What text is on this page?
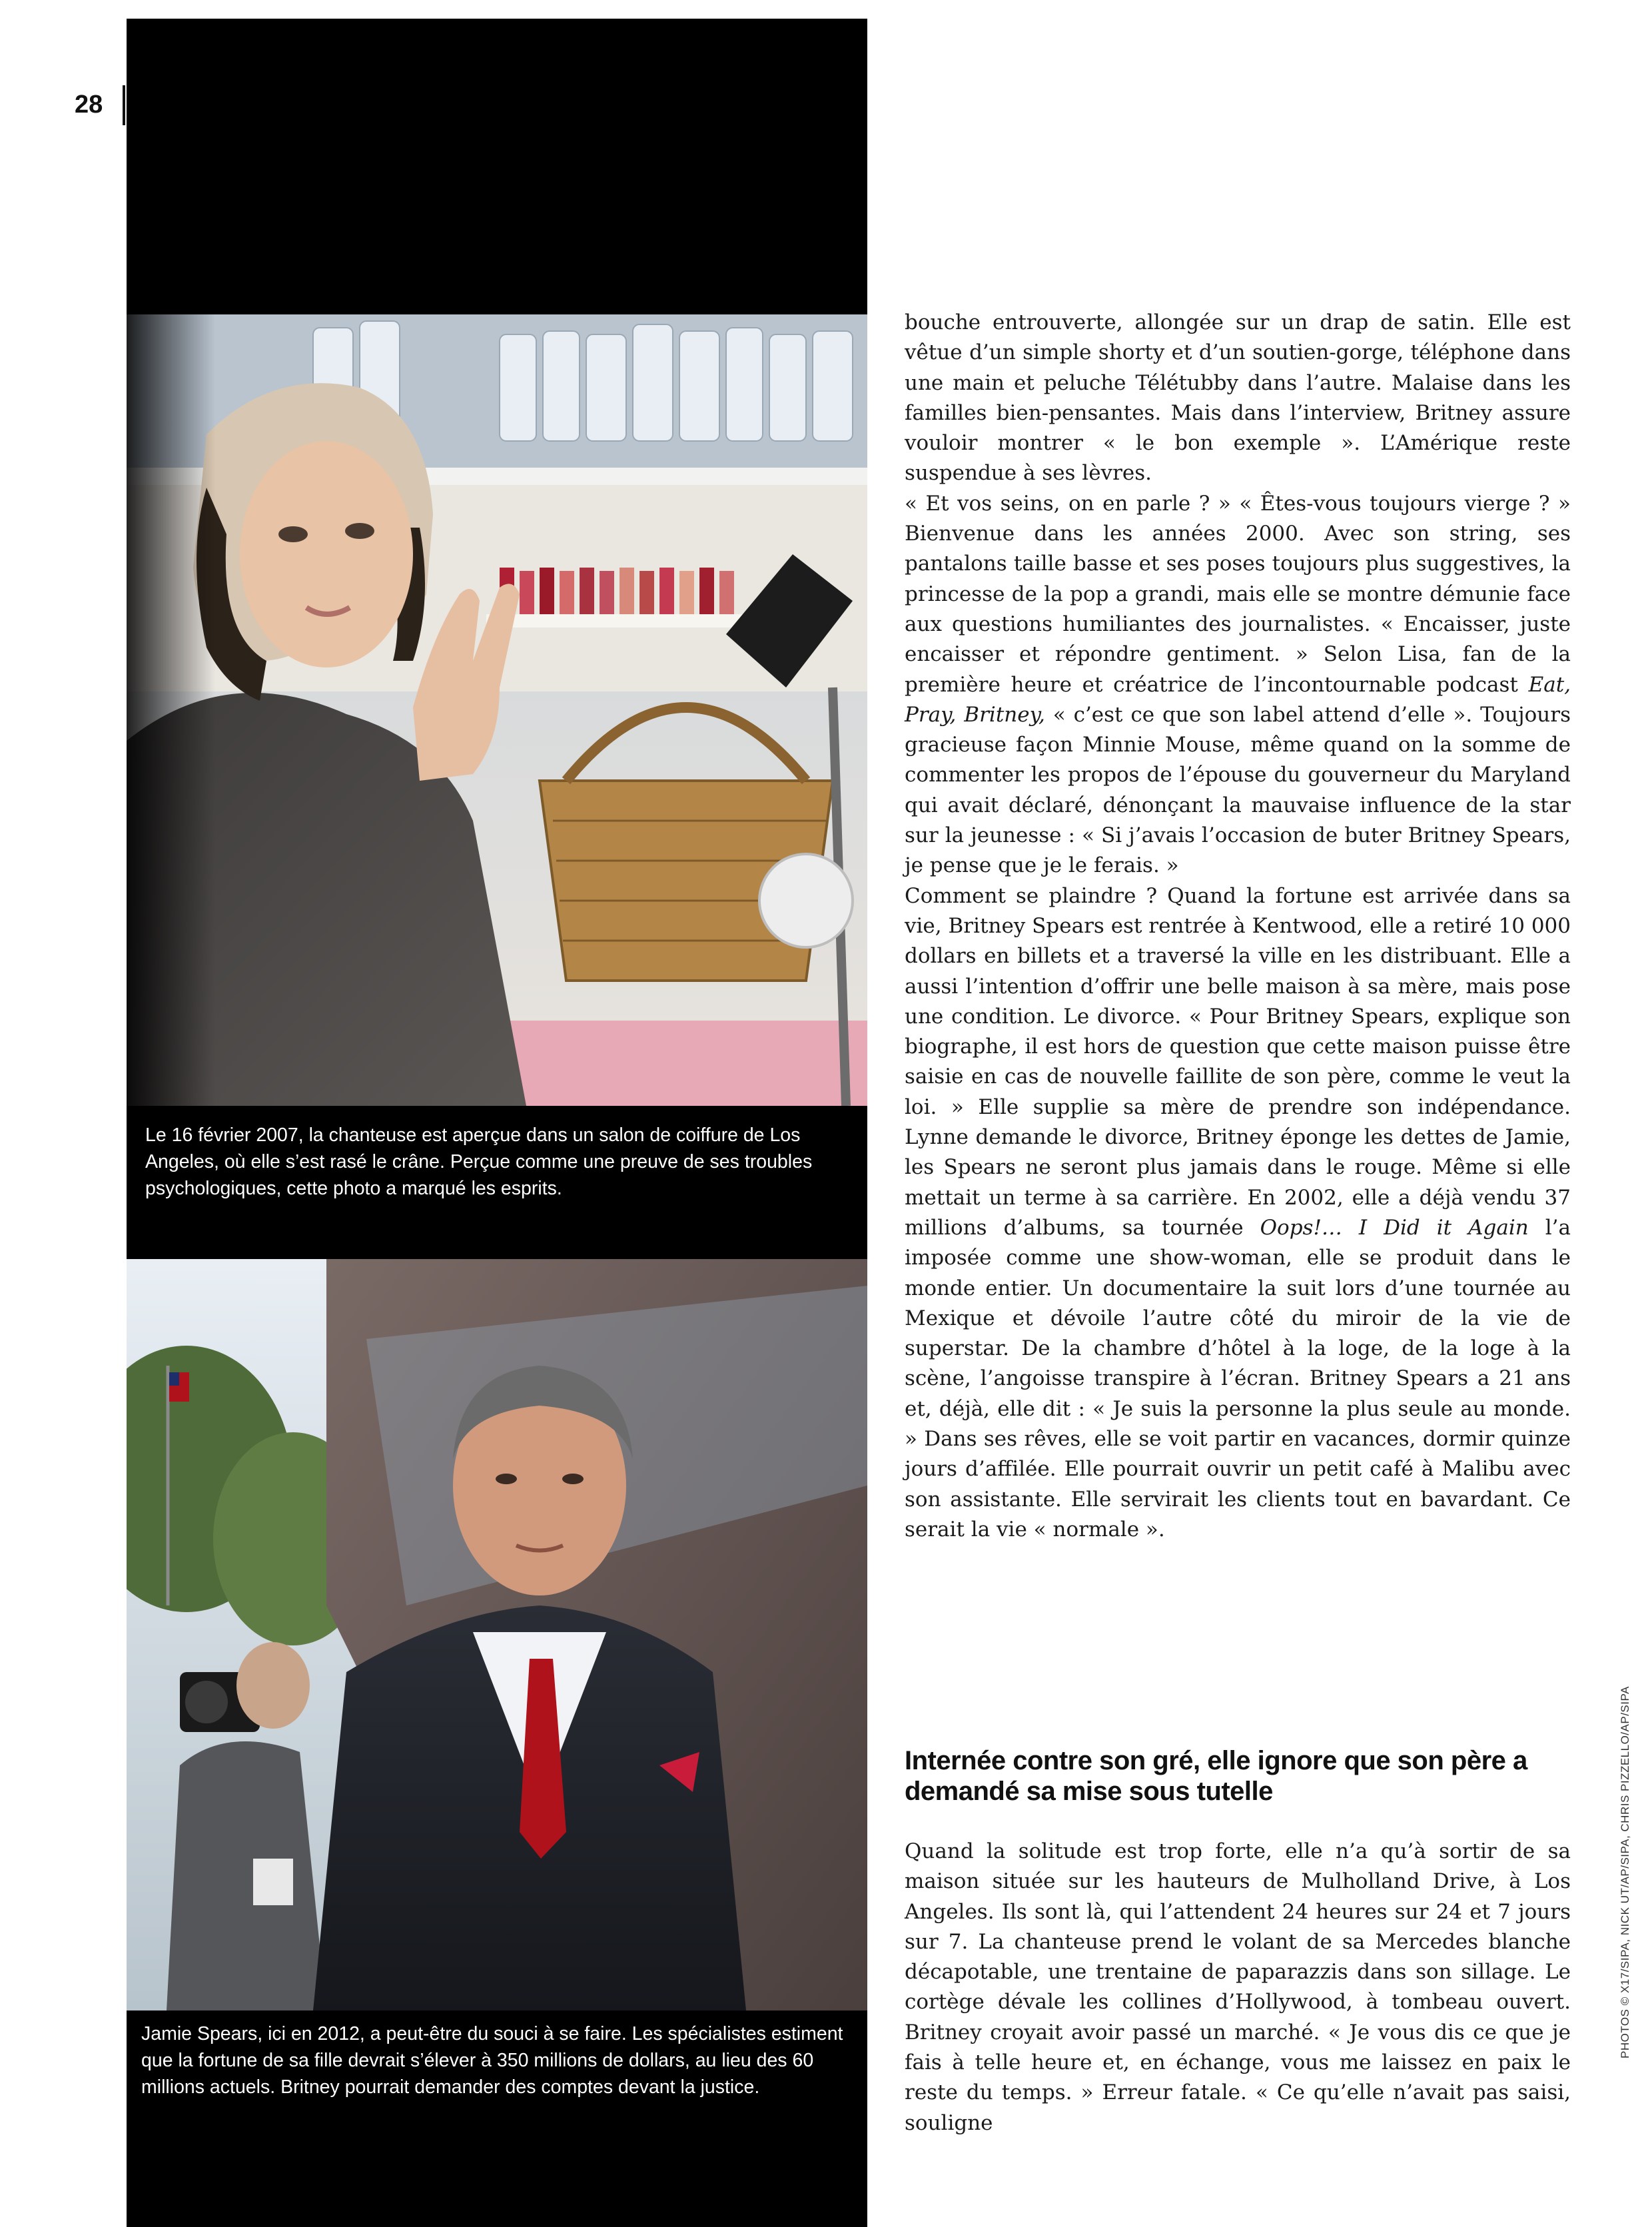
28
Le 16 février 2007, la chanteuse est aperçue dans un salon de coiffure de Los Angeles, où elle s’est rasé le crâne. Perçue comme une preuve de ses troubles psychologiques, cette photo a marqué les esprits.
Jamie Spears, ici en 2012, a peut-être du souci à se faire. Les spécialistes estiment que la fortune de sa fille devrait s’élever à 350 millions de dollars, au lieu des 60 millions actuels. Britney pourrait demander des comptes devant la justice.

bouche entrouverte, allongée sur un drap de satin. Elle est vêtue d’un simple shorty et d’un soutien-gorge, téléphone dans une main et peluche Télétubby dans l’autre. Malaise dans les familles bien-pensantes. Mais dans l’interview, Britney assure vouloir montrer « le bon exemple ». L’Amérique reste suspendue à ses lèvres.

« Et vos seins, on en parle ? » « Êtes-vous toujours vierge ? » Bienvenue dans les années 2000. Avec son string, ses pantalons taille basse et ses poses toujours plus suggestives, la princesse de la pop a grandi, mais elle se montre démunie face aux questions humiliantes des journalistes. « Encaisser, juste encaisser et répondre gentiment. » Selon Lisa, fan de la première heure et créatrice de l’incontournable podcast Eat, Pray, Britney, « c’est ce que son label attend d’elle ». Toujours gracieuse façon Minnie Mouse, même quand on la somme de commenter les propos de l’épouse du gouverneur du Maryland qui avait déclaré, dénonçant la mauvaise influence de la star sur la jeunesse : « Si j’avais l’occasion de buter Britney Spears, je pense que je le ferais. »

Comment se plaindre ? Quand la fortune est arrivée dans sa vie, Britney Spears est rentrée à Kentwood, elle a retiré 10 000 dollars en billets et a traversé la ville en les distribuant. Elle a aussi l’intention d’offrir une belle maison à sa mère, mais pose une condition. Le divorce. « Pour Britney Spears, explique son biographe, il est hors de question que cette maison puisse être saisie en cas de nouvelle faillite de son père, comme le veut la loi. » Elle supplie sa mère de prendre son indépendance. Lynne demande le divorce, Britney éponge les dettes de Jamie, les Spears ne seront plus jamais dans le rouge. Même si elle mettait un terme à sa carrière. En 2002, elle a déjà vendu 37 millions d’albums, sa tournée Oops!… I Did it Again l’a imposée comme une show-woman, elle se produit dans le monde entier. Un documentaire la suit lors d’une tournée au Mexique et dévoile l’autre côté du miroir de la vie de superstar. De la chambre d’hôtel à la loge, de la loge à la scène, l’angoisse transpire à l’écran. Britney Spears a 21 ans et, déjà, elle dit : « Je suis la personne la plus seule au monde. » Dans ses rêves, elle se voit partir en vacances, dormir quinze jours d’affilée. Elle pourrait ouvrir un petit café à Malibu avec son assistante. Elle servirait les clients tout en bavardant. Ce serait la vie « normale ».

Internée contre son gré, elle ignore que son père a demandé sa mise sous tutelle

Quand la solitude est trop forte, elle n’a qu’à sortir de sa maison située sur les hauteurs de Mulholland Drive, à Los Angeles. Ils sont là, qui l’attendent 24 heures sur 24 et 7 jours sur 7. La chanteuse prend le volant de sa Mercedes blanche décapotable, une trentaine de paparazzis dans son sillage. Le cortège dévale les collines d’Hollywood, à tombeau ouvert. Britney croyait avoir passé un marché. « Je vous dis ce que je fais à telle heure et, en échange, vous me laissez en paix le reste du temps. » Erreur fatale. « Ce qu’elle n’avait pas saisi, souligne

PHOTOS © X17/SIPA, NICK UT/AP/SIPA, CHRIS PIZZELLO/AP/SIPA
